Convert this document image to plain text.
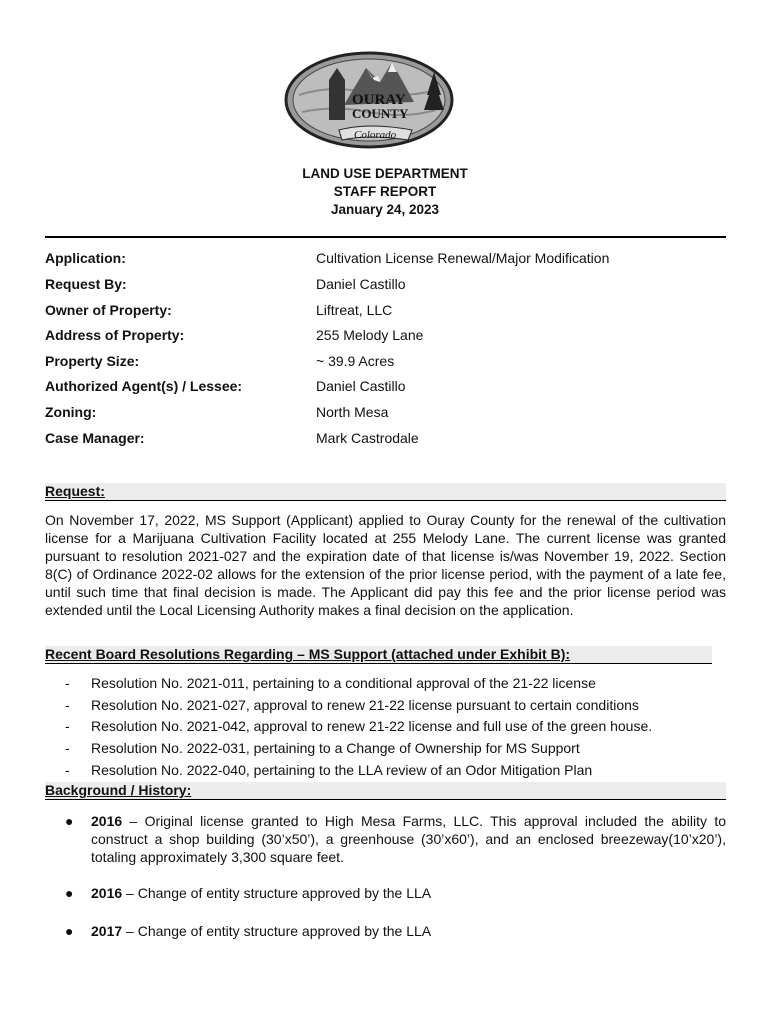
OURAY
COUNTY
Colorado
LAND USE DEPARTMENT
STAFF REPORT
January 24, 2023
Application:	Cultivation License Renewal/Major Modification
Request By:	Daniel Castillo
Owner of Property:	Liftreat, LLC
Address of Property:	255 Melody Lane
Property Size:	~ 39.9 Acres
Authorized Agent(s) / Lessee:	Daniel Castillo
Zoning:	North Mesa
Case Manager:	Mark Castrodale
Request:
On November 17, 2022, MS Support (Applicant) applied to Ouray County for the renewal of the cultivation license for a Marijuana Cultivation Facility located at 255 Melody Lane. The current license was granted pursuant to resolution 2021-027 and the expiration date of that license is/was November 19, 2022. Section 8(C) of Ordinance 2022-02 allows for the extension of the prior license period, with the payment of a late fee, until such time that final decision is made. The Applicant did pay this fee and the prior license period was extended until the Local Licensing Authority makes a final decision on the application.
Recent Board Resolutions Regarding – MS Support (attached under Exhibit B):
- Resolution No. 2021-011, pertaining to a conditional approval of the 21-22 license
- Resolution No. 2021-027, approval to renew 21-22 license pursuant to certain conditions
- Resolution No. 2021-042, approval to renew 21-22 license and full use of the green house.
- Resolution No. 2022-031, pertaining to a Change of Ownership for MS Support
- Resolution No. 2022-040, pertaining to the LLA review of an Odor Mitigation Plan
Background / History:
● 2016 – Original license granted to High Mesa Farms, LLC. This approval included the ability to construct a shop building (30’x50’), a greenhouse (30’x60’), and an enclosed breezeway(10’x20’), totaling approximately 3,300 square feet.
● 2016 – Change of entity structure approved by the LLA
● 2017 – Change of entity structure approved by the LLA
